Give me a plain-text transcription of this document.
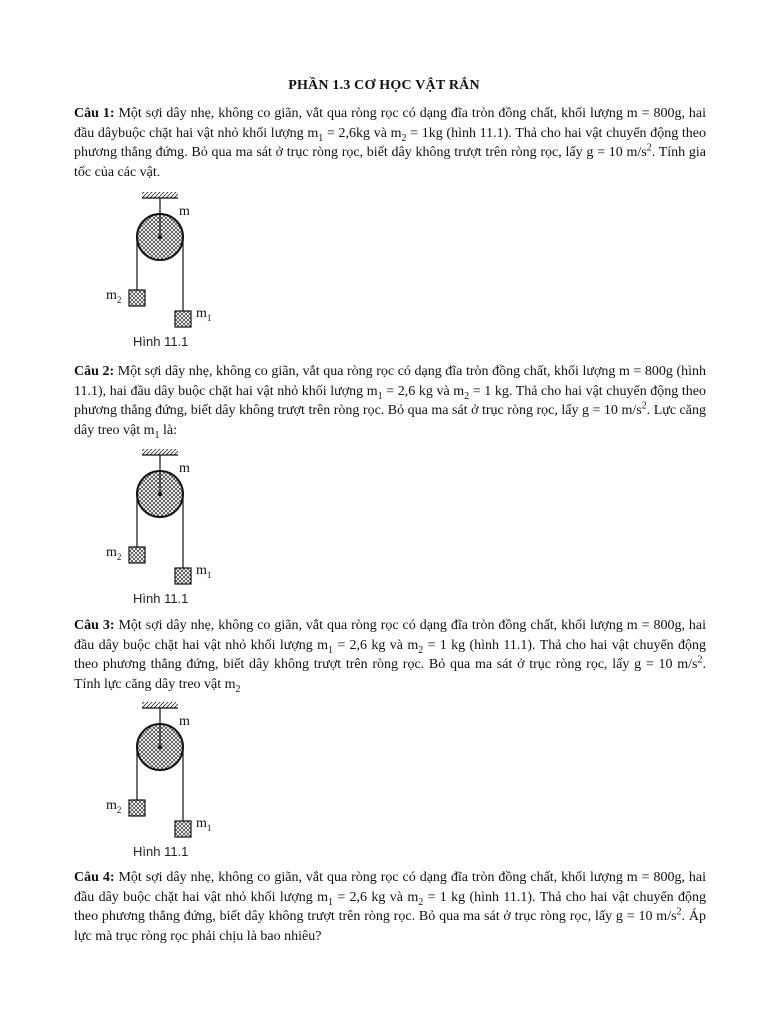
PHẦN 1.3 CƠ HỌC VẬT RẮN
Câu 1: Một sợi dây nhẹ, không co giãn, vắt qua ròng rọc có dạng đĩa tròn đồng chất, khối lượng m = 800g, hai đầu dâybuộc chặt hai vật nhỏ khối lượng $m_1 = 2,6kg$ và $m_2 = 1kg$ (hình 11.1). Thả cho hai vật chuyển động theo phương thẳng đứng. Bỏ qua ma sát ở trục ròng rọc, biết dây không trượt trên ròng rọc, lấy g = 10 $m/s^2$. Tính gia tốc của các vật.
m
$m_2$
$m_1$
Hình 11.1
Câu 2: Một sợi dây nhẹ, không co giãn, vắt qua ròng rọc có dạng đĩa tròn đồng chất, khối lượng m = 800g (hình 11.1), hai đầu dây buộc chặt hai vật nhỏ khối lượng $m_1 = 2,6$ kg và $m_2 = 1$ kg. Thả cho hai vật chuyển động theo phương thẳng đứng, biết dây không trượt trên ròng rọc. Bỏ qua ma sát ở trục ròng rọc, lấy g = 10 $m/s^2$. Lực căng dây treo vật $m_1$ là:
m
$m_2$
$m_1$
Hình 11.1
Câu 3: Một sợi dây nhẹ, không co giãn, vắt qua ròng rọc có dạng đĩa tròn đồng chất, khối lượng m = 800g, hai đầu dây buộc chặt hai vật nhỏ khối lượng $m_1 = 2,6$ kg và $m_2 = 1$ kg (hình 11.1). Thả cho hai vật chuyển động theo phương thẳng đứng, biết dây không trượt trên ròng rọc. Bỏ qua ma sát ở trục ròng rọc, lấy g = 10 $m/s^2$. Tính lực căng dây treo vật $m_2$
m
$m_2$
$m_1$
Hình 11.1
Câu 4: Một sợi dây nhẹ, không co giãn, vắt qua ròng rọc có dạng đĩa tròn đồng chất, khối lượng m = 800g, hai đầu dây buộc chặt hai vật nhỏ khối lượng $m_1 = 2,6$ kg và $m_2 = 1$ kg (hình 11.1). Thả cho hai vật chuyển động theo phương thẳng đứng, biết dây không trượt trên ròng rọc. Bỏ qua ma sát ở trục ròng rọc, lấy g = 10 $m/s^2$. Áp lực mà trục ròng rọc phải chịu là bao nhiêu?
